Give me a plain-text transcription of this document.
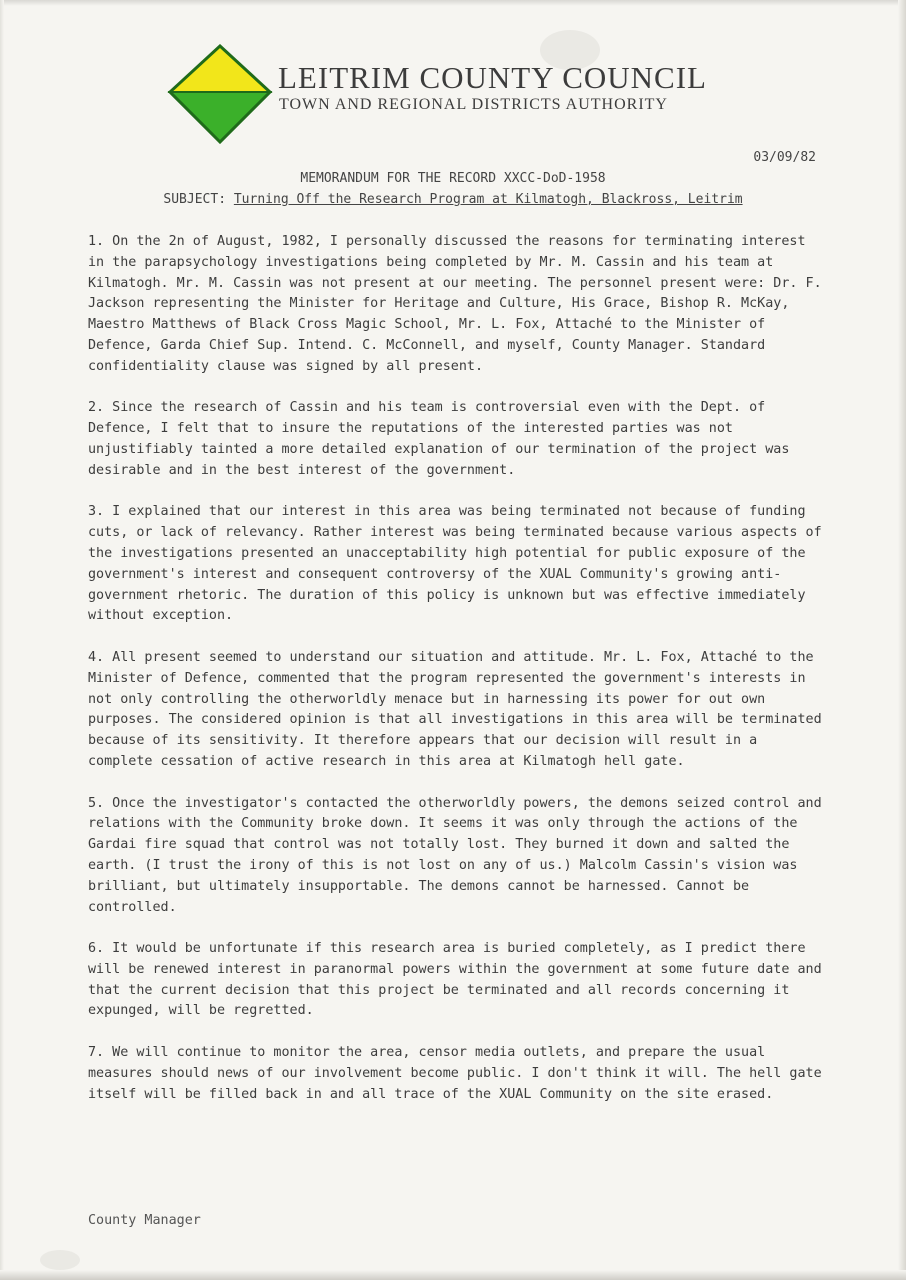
LEITRIM COUNTY COUNCIL
TOWN AND REGIONAL DISTRICTS AUTHORITY
03/09/82
MEMORANDUM FOR THE RECORD XXCC-DoD-1958
SUBJECT: Turning Off the Research Program at Kilmatogh, Blackross, Leitrim

1. On the 2n of August, 1982, I personally discussed the reasons for terminating interest in the parapsychology investigations being completed by Mr. M. Cassin and his team at Kilmatogh. Mr. M. Cassin was not present at our meeting. The personnel present were: Dr. F. Jackson representing the Minister for Heritage and Culture, His Grace, Bishop R. McKay, Maestro Matthews of Black Cross Magic School, Mr. L. Fox, Attaché to the Minister of Defence, Garda Chief Sup. Intend. C. McConnell, and myself, County Manager. Standard confidentiality clause was signed by all present.

2. Since the research of Cassin and his team is controversial even with the Dept. of Defence, I felt that to insure the reputations of the interested parties was not unjustifiably tainted a more detailed explanation of our termination of the project was desirable and in the best interest of the government.

3. I explained that our interest in this area was being terminated not because of funding cuts, or lack of relevancy. Rather interest was being terminated because various aspects of the investigations presented an unacceptability high potential for public exposure of the government's interest and consequent controversy of the XUAL Community's growing anti-government rhetoric. The duration of this policy is unknown but was effective immediately without exception.

4. All present seemed to understand our situation and attitude. Mr. L. Fox, Attaché to the Minister of Defence, commented that the program represented the government's interests in not only controlling the otherworldly menace but in harnessing its power for out own purposes. The considered opinion is that all investigations in this area will be terminated because of its sensitivity. It therefore appears that our decision will result in a complete cessation of active research in this area at Kilmatogh hell gate.

5. Once the investigator's contacted the otherworldly powers, the demons seized control and relations with the Community broke down. It seems it was only through the actions of the Gardai fire squad that control was not totally lost. They burned it down and salted the earth. (I trust the irony of this is not lost on any of us.) Malcolm Cassin's vision was brilliant, but ultimately insupportable. The demons cannot be harnessed. Cannot be controlled.

6. It would be unfortunate if this research area is buried completely, as I predict there will be renewed interest in paranormal powers within the government at some future date and that the current decision that this project be terminated and all records concerning it expunged, will be regretted.

7. We will continue to monitor the area, censor media outlets, and prepare the usual measures should news of our involvement become public. I don't think it will. The hell gate itself will be filled back in and all trace of the XUAL Community on the site erased.

County Manager
